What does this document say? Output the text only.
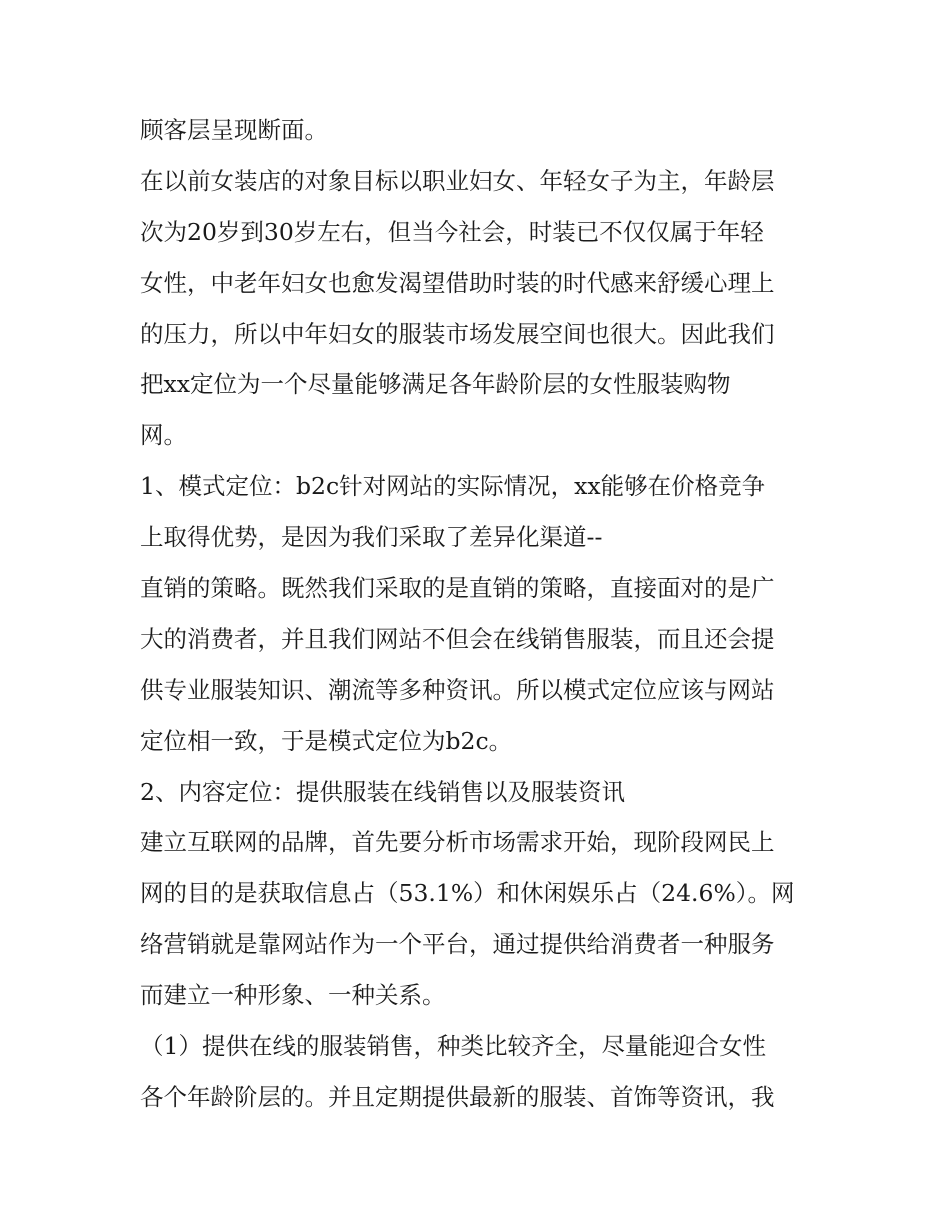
顾客层呈现断面。
在以前女装店的对象目标以职业妇女、年轻女子为主，年龄层
次为20岁到30岁左右，但当今社会，时装已不仅仅属于年轻
女性，中老年妇女也愈发渴望借助时装的时代感来舒缓心理上
的压力，所以中年妇女的服装市场发展空间也很大。因此我们
把xx定位为一个尽量能够满足各年龄阶层的女性服装购物
网。
1、模式定位：b2c针对网站的实际情况，xx能够在价格竞争
上取得优势，是因为我们采取了差异化渠道--
直销的策略。既然我们采取的是直销的策略，直接面对的是广
大的消费者，并且我们网站不但会在线销售服装，而且还会提
供专业服装知识、潮流等多种资讯。所以模式定位应该与网站
定位相一致，于是模式定位为b2c。
2、内容定位：提供服装在线销售以及服装资讯
建立互联网的品牌，首先要分析市场需求开始，现阶段网民上
网的目的是获取信息占（53.1%）和休闲娱乐占（24.6%）。网
络营销就是靠网站作为一个平台，通过提供给消费者一种服务
而建立一种形象、一种关系。
（1）提供在线的服装销售，种类比较齐全，尽量能迎合女性
各个年龄阶层的。并且定期提供最新的服装、首饰等资讯，我
